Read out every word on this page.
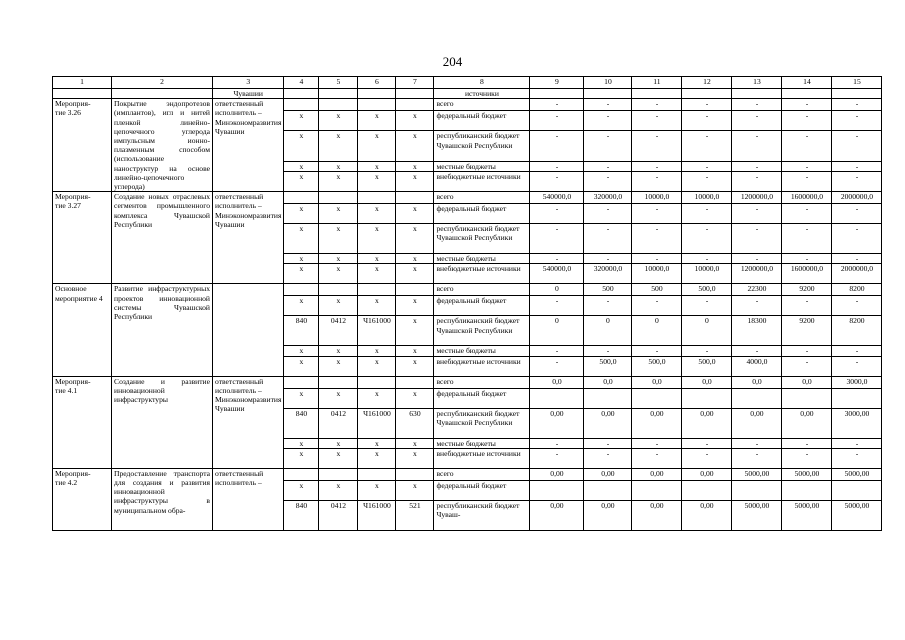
204
1	2	3	4	5	6	7	8	9	10	11	12	13	14	15
		Чувашии					источники							
Мероприя-
тие 3.26	Покрытие эндопротезов (имплантов), игл и нитей пленкой линейно-цепочечного углерода импульсным ионно-плазменным способом (использование наноструктур на основе линейно-цепочечного углерода)	ответственный исполнитель – Минэкономразвития Чувашии					всего	-	-	-	-	-	-	-
			x	x	x	x	федеральный бюджет	-	-	-	-	-	-	-
			x	x	x	x	республиканский бюджет Чувашской Республики	-	-	-	-	-	-	-
			x	x	x	x	местные бюджеты	-	-	-	-	-	-	-
			x	x	x	x	внебюджетные источники	-	-	-	-	-	-	-
Мероприя-
тие 3.27	Создание новых отраслевых сегментов промышленного комплекса Чувашской Республики	ответственный исполнитель – Минэкономразвития Чувашии					всего	540000,0	320000,0	10000,0	10000,0	1200000,0	1600000,0	2000000,0
			x	x	x	x	федеральный бюджет	-	-	-	-	-	-	-
			x	x	x	x	республиканский бюджет Чувашской Республики	-	-	-	-	-	-	-
			x	x	x	x	местные бюджеты	-	-	-	-	-	-	-
			x	x	x	x	внебюджетные источники	540000,0	320000,0	10000,0	10000,0	1200000,0	1600000,0	2000000,0
Основное мероприятие 4	Развитие инфраструктурных проектов инновационной системы Чувашской Республики						всего	0	500	500	500,0	22300	9200	8200
			x	x	x	x	федеральный бюджет	-	-	-	-	-	-	-
			840	0412	Ч161000	x	республиканский бюджет Чувашской Республики	0	0	0	0	18300	9200	8200
			x	x	x	x	местные бюджеты	-	-	-	-	-	-	-
			x	x	x	x	внебюджетные источники	-	500,0	500,0	500,0	4000,0	-	-
Мероприя-
тие 4.1	Создание и развитие инновационной инфраструктуры	ответственный исполнитель – Минэкономразвития Чувашии					всего	0,0	0,0	0,0	0,0	0,0	0,0	3000,0
			x	x	x	x	федеральный бюджет							
			840	0412	Ч161000	630	республиканский бюджет Чувашской Республики	0,00	0,00	0,00	0,00	0,00	0,00	3000,00
			x	x	x	x	местные бюджеты	-	-	-	-	-	-	-
			x	x	x	x	внебюджетные источники	-	-	-	-	-	-	-
Мероприя-
тие 4.2	Предоставление транспорта для создания и развития инновационной инфраструктуры в муниципальном обра-	ответственный исполнитель –					всего	0,00	0,00	0,00	0,00	5000,00	5000,00	5000,00
			x	x	x	x	федеральный бюджет							
			840	0412	Ч161000	521	республиканский бюджет Чуваш-	0,00	0,00	0,00	0,00	5000,00	5000,00	5000,00
